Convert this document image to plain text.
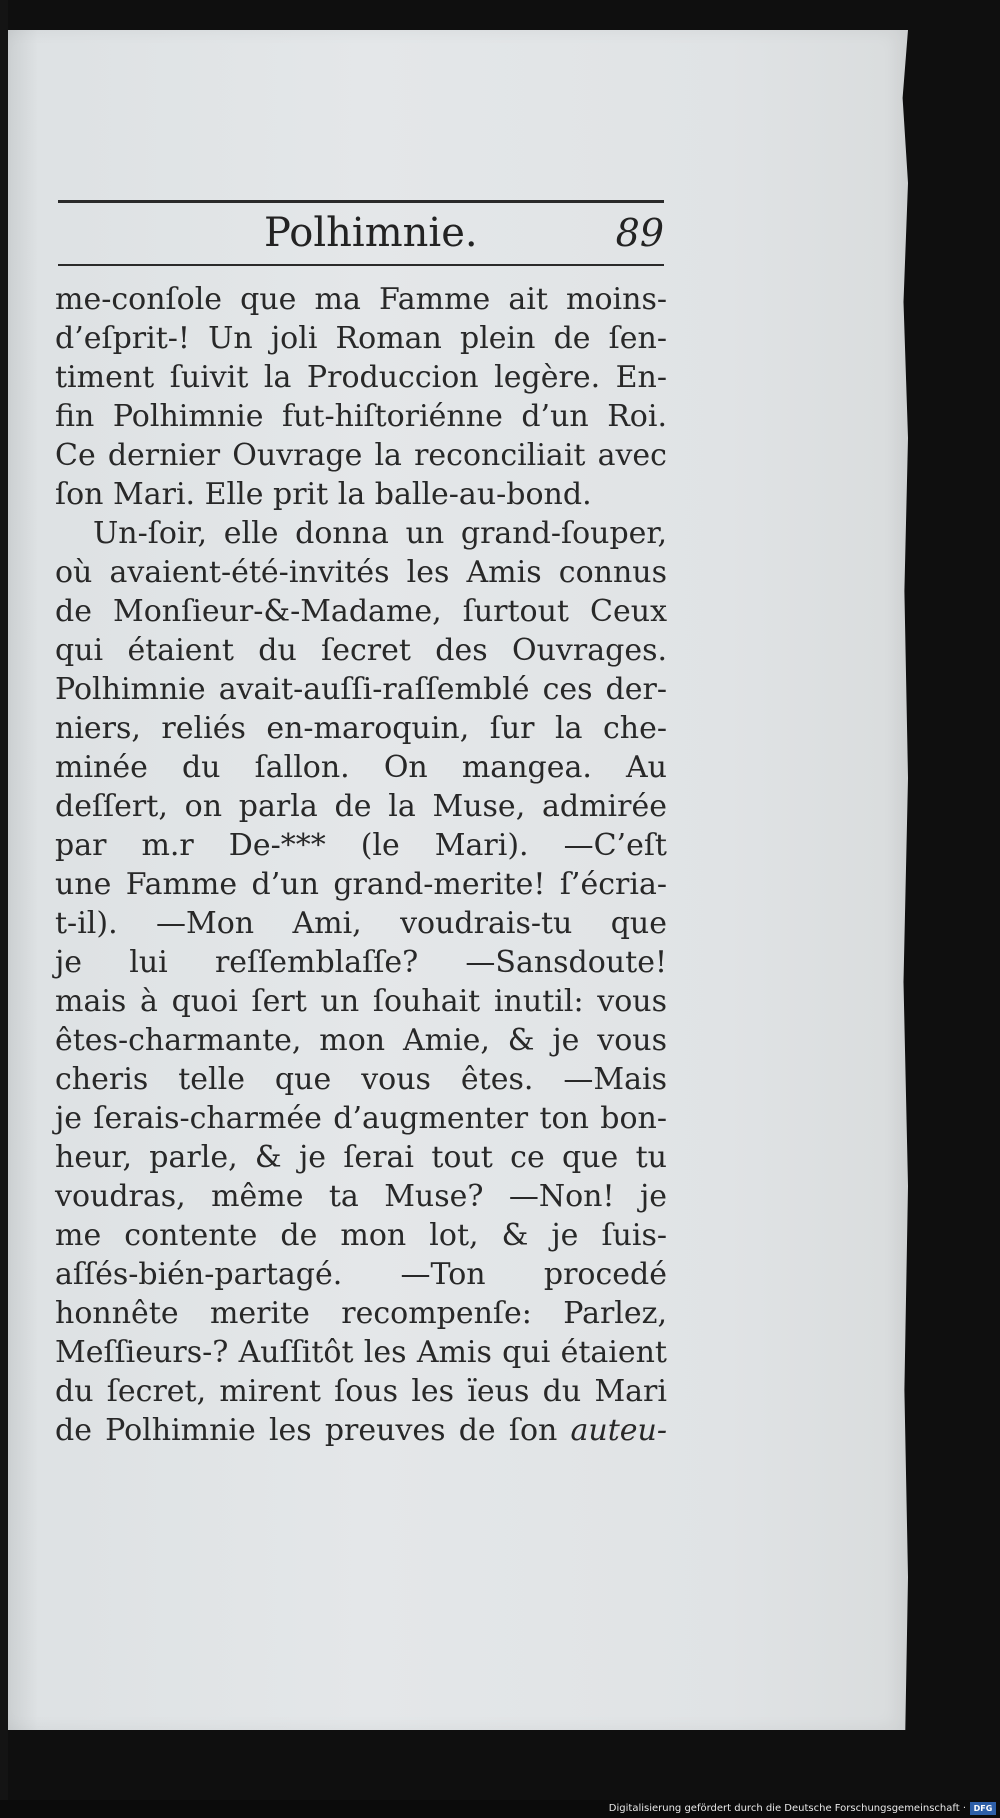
Polhimnie.	89
me-conſole que ma Famme ait moins-
d’eſprit-! Un joli Roman plein de ſen-
timent ſuivit la Produccion legère. En-
fin Polhimnie fut-hiſtoriénne d’un Roi.
Ce dernier Ouvrage la reconciliait avec
ſon Mari. Elle prit la balle-au-bond.
Un-ſoir, elle donna un grand-ſouper,
où avaient-été-invités les Amis connus
de Monſieur-&-Madame, ſurtout Ceux
qui étaient du ſecret des Ouvrages.
Polhimnie avait-auſſi-raſſemblé ces der-
niers, reliés en-maroquin, ſur la che-
minée du ſallon. On mangea. Au
deſſert, on parla de la Muse, admirée
par m.r De-*** (le Mari). —C’eſt
une Famme d’un grand-merite! ſ’écria-
t-il). —Mon Ami, voudrais-tu que
je lui reſſemblaſſe? —Sansdoute!
mais à quoi ſert un ſouhait inutil: vous
êtes-charmante, mon Amie, & je vous
cheris telle que vous êtes. —Mais
je ſerais-charmée d’augmenter ton bon-
heur, parle, & je ſerai tout ce que tu
voudras, même ta Muse? —Non! je
me contente de mon lot, & je ſuis-
aſſés-bién-partagé. —Ton procedé
honnête merite recompenſe: Parlez,
Meſſieurs-? Auſſitôt les Amis qui étaient
du ſecret, mirent ſous les ïeus du Mari
de Polhimnie les preuves de ſon auteu-
Digitalisierung gefördert durch die Deutsche Forschungsgemeinschaft · DFG
